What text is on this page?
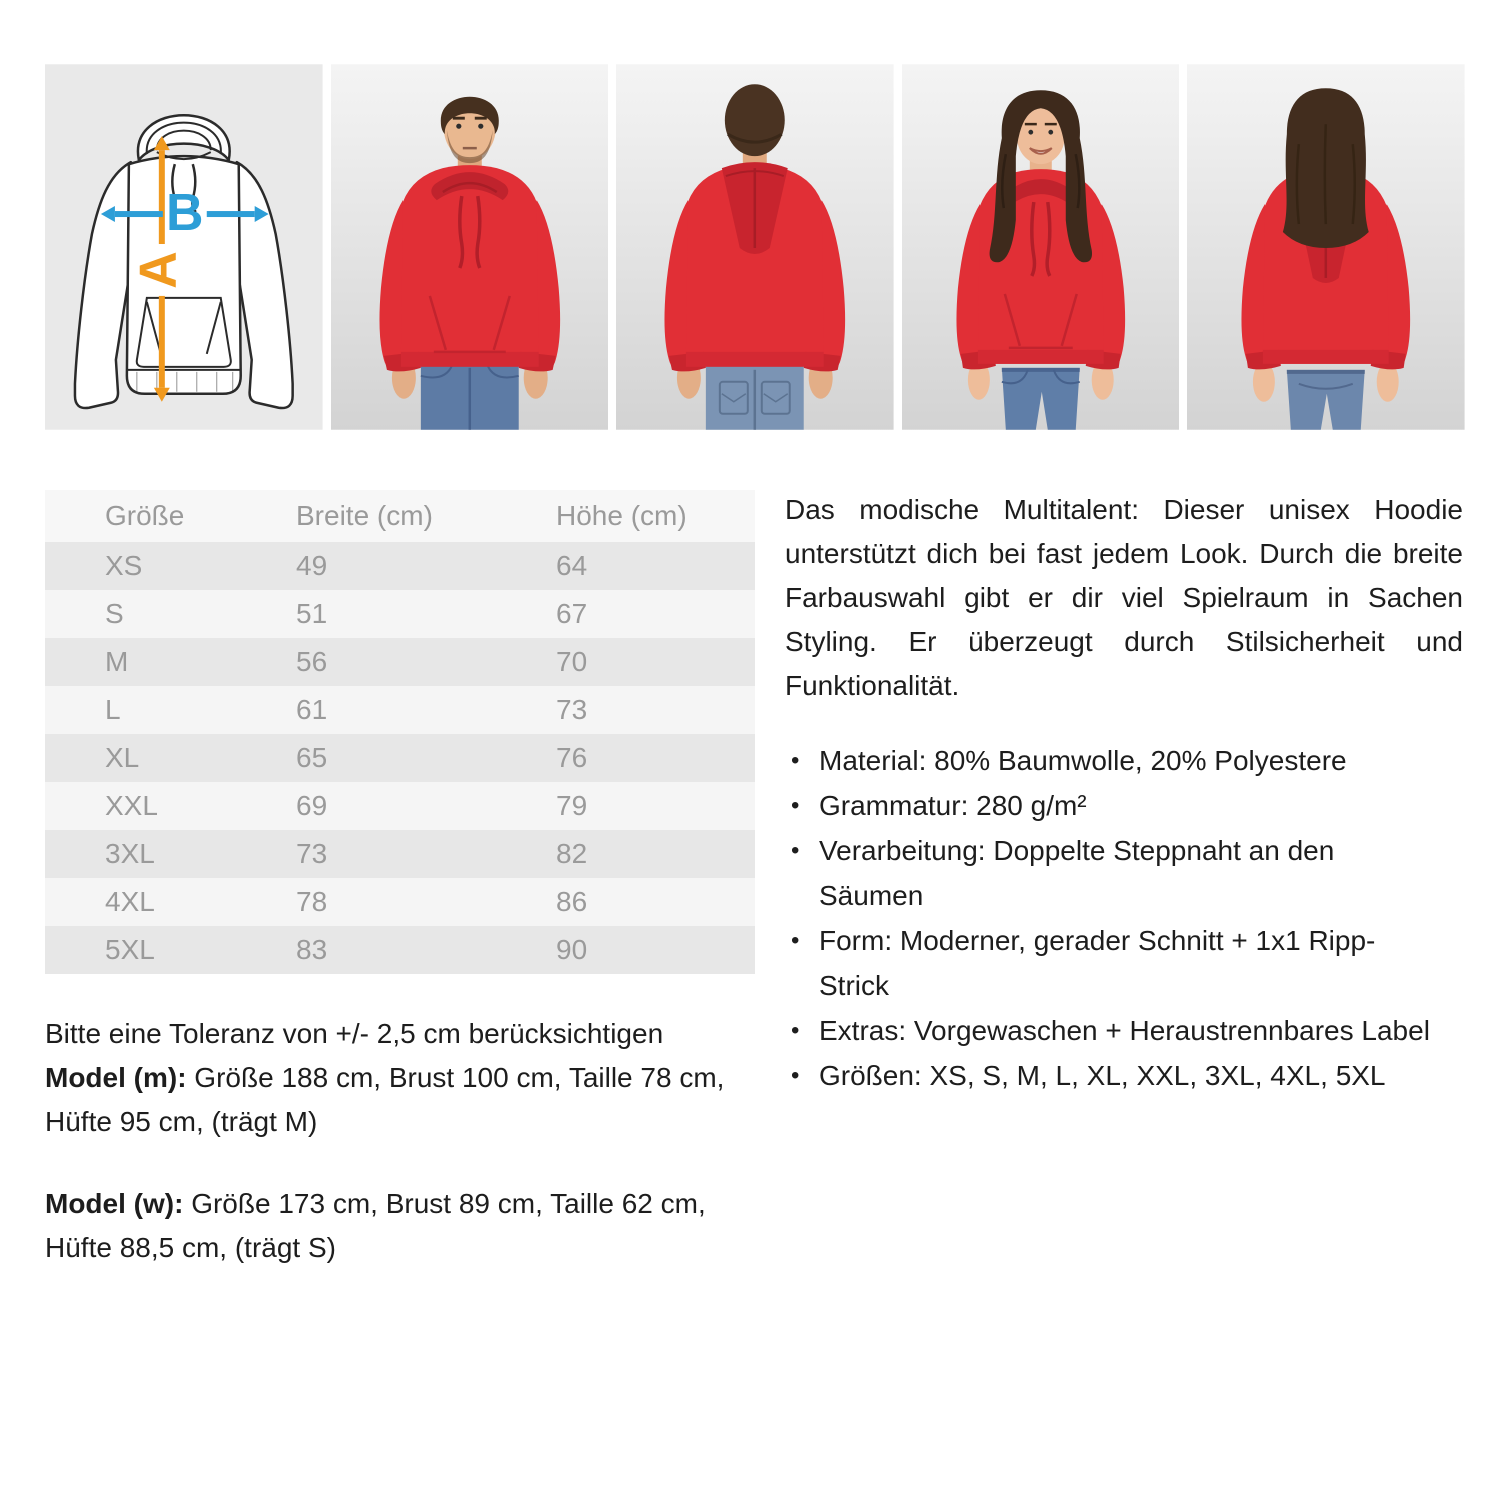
A
B
Größe	Breite (cm)	Höhe (cm)
XS	49	64
S	51	67
M	56	70
L	61	73
XL	65	76
XXL	69	79
3XL	73	82
4XL	78	86
5XL	83	90
Bitte eine Toleranz von +/- 2,5 cm berücksichtigen
Model (m): Größe 188 cm, Brust 100 cm, Taille 78 cm, Hüfte 95 cm, (trägt M)
Model (w): Größe 173 cm, Brust 89 cm, Taille 62 cm, Hüfte 88,5 cm, (trägt S)

Das modische Multitalent: Dieser unisex Hoodie unterstützt dich bei fast jedem Look. Durch die breite Farbauswahl gibt er dir viel Spielraum in Sachen Styling. Er überzeugt durch Stilsicherheit und Funktionalität.

• Material: 80% Baumwolle, 20% Polyestere
• Grammatur: 280 g/m²
• Verarbeitung: Doppelte Steppnaht an den Säumen
• Form: Moderner, gerader Schnitt + 1x1 Ripp-Strick
• Extras: Vorgewaschen + Heraustrennbares Label
• Größen: XS, S, M, L, XL, XXL, 3XL, 4XL, 5XL
